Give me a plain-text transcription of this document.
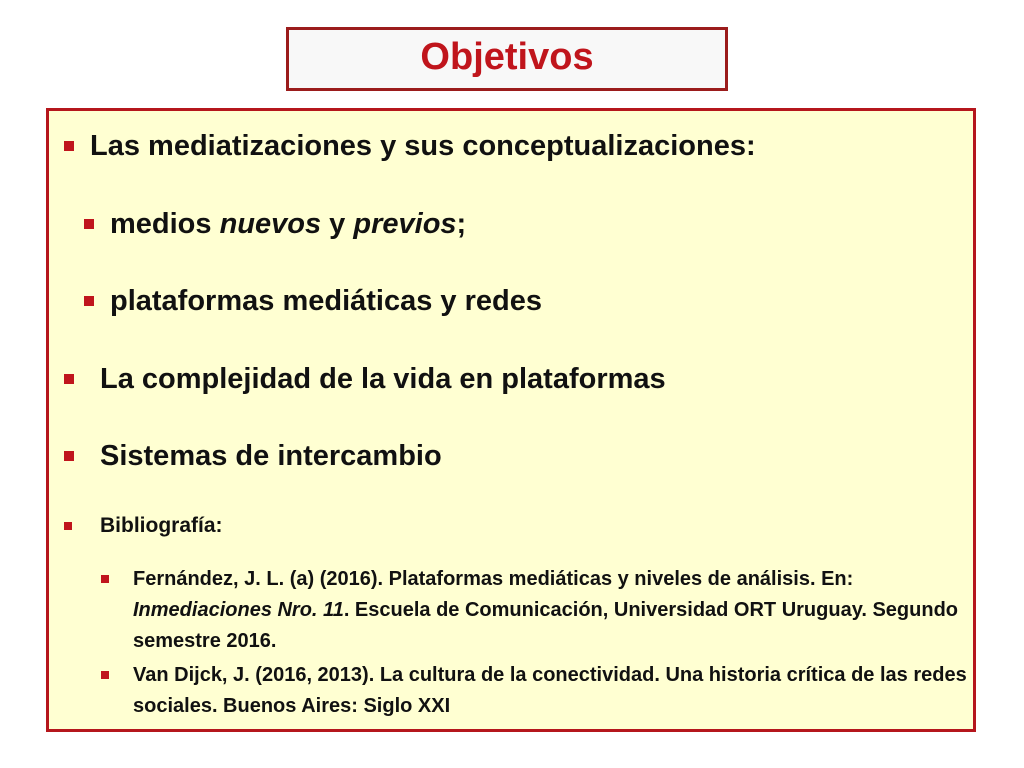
Objetivos
Las mediatizaciones y sus conceptualizaciones:
medios nuevos y previos;
plataformas mediáticas y redes
La complejidad de la vida en plataformas
Sistemas de intercambio
Bibliografía:
Fernández, J. L. (a) (2016). Plataformas mediáticas y niveles de análisis. En: Inmediaciones Nro. 11. Escuela de Comunicación, Universidad ORT Uruguay. Segundo semestre 2016.
Van Dijck, J. (2016, 2013). La cultura de la conectividad. Una historia crítica de las redes sociales. Buenos Aires: Siglo XXI
